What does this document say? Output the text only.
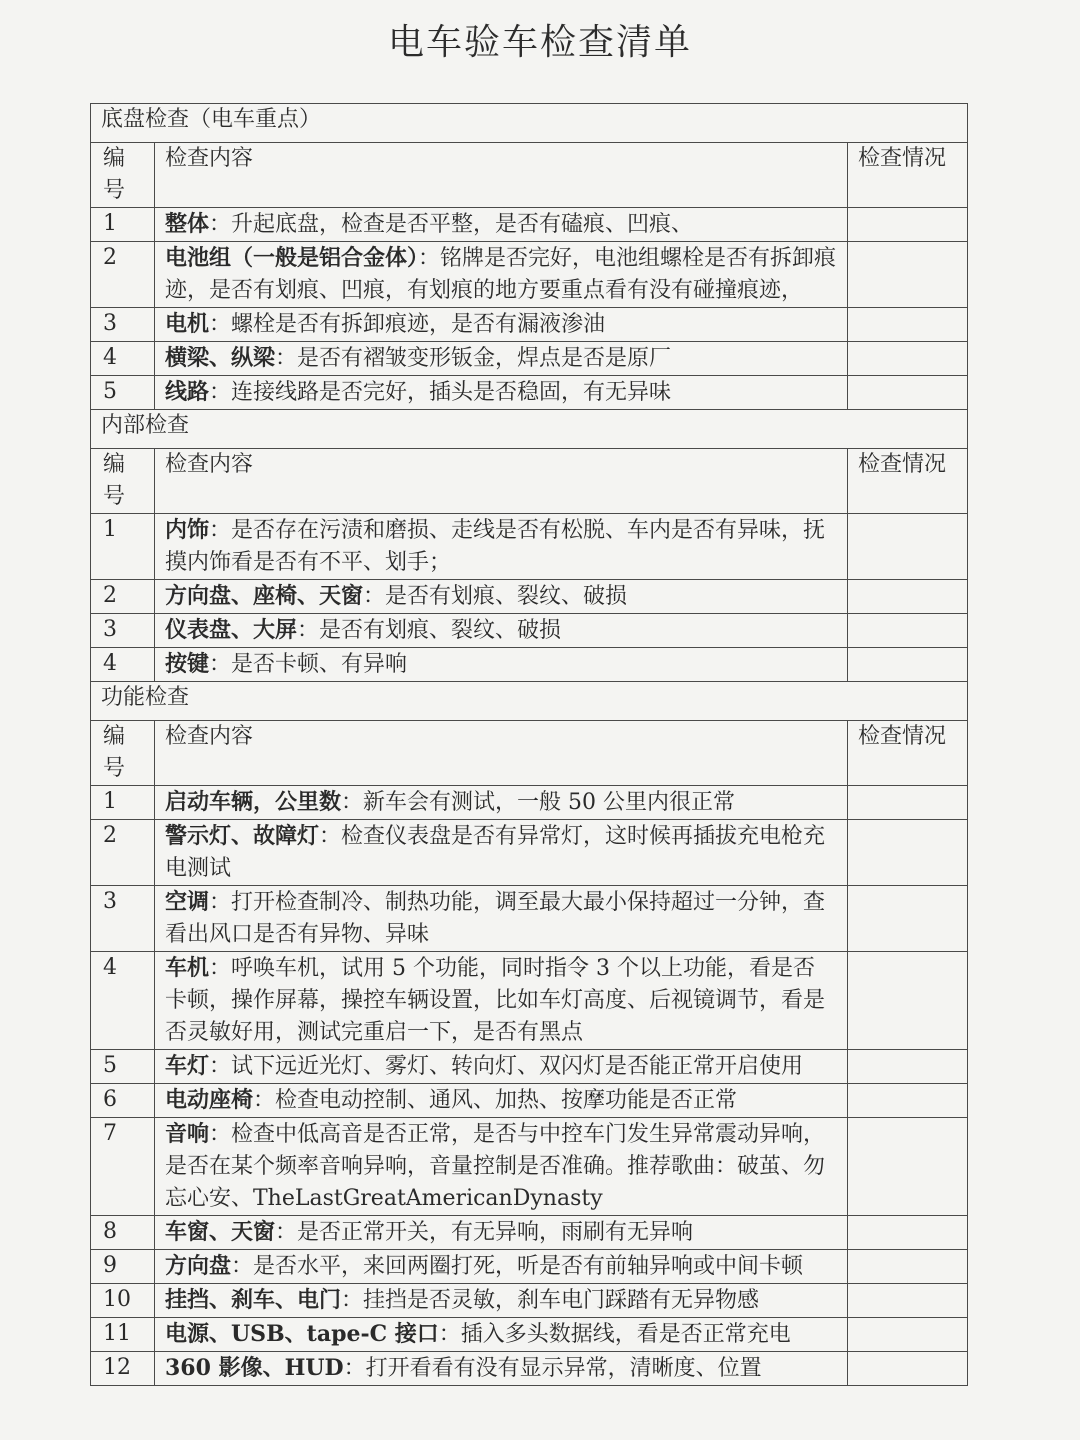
电车验车检查清单
底盘检查（电车重点）		
编号	检查内容	检查情况
1	整体：升起底盘，检查是否平整，是否有磕痕、凹痕、	
2	电池组（一般是铝合金体）：铭牌是否完好，电池组螺栓是否有拆卸痕迹，是否有划痕、凹痕，有划痕的地方要重点看有没有碰撞痕迹，	
3	电机：螺栓是否有拆卸痕迹，是否有漏液渗油	
4	横梁、纵梁：是否有褶皱变形钣金，焊点是否是原厂	
5	线路：连接线路是否完好，插头是否稳固，有无异味	
内部检查		
编号	检查内容	检查情况
1	内饰：是否存在污渍和磨损、走线是否有松脱、车内是否有异味，抚摸内饰看是否有不平、划手；	
2	方向盘、座椅、天窗：是否有划痕、裂纹、破损	
3	仪表盘、大屏：是否有划痕、裂纹、破损	
4	按键：是否卡顿、有异响	
功能检查		
编号	检查内容	检查情况
1	启动车辆，公里数：新车会有测试，一般 50 公里内很正常	
2	警示灯、故障灯：检查仪表盘是否有异常灯，这时候再插拔充电枪充电测试	
3	空调：打开检查制冷、制热功能，调至最大最小保持超过一分钟，查看出风口是否有异物、异味	
4	车机：呼唤车机，试用 5 个功能，同时指令 3 个以上功能，看是否卡顿，操作屏幕，操控车辆设置，比如车灯高度、后视镜调节，看是否灵敏好用，测试完重启一下，是否有黑点	
5	车灯：试下远近光灯、雾灯、转向灯、双闪灯是否能正常开启使用	
6	电动座椅：检查电动控制、通风、加热、按摩功能是否正常	
7	音响：检查中低高音是否正常，是否与中控车门发生异常震动异响，是否在某个频率音响异响，音量控制是否准确。推荐歌曲：破茧、勿忘心安、TheLastGreatAmericanDynasty	
8	车窗、天窗：是否正常开关，有无异响，雨刷有无异响	
9	方向盘：是否水平，来回两圈打死，听是否有前轴异响或中间卡顿	
10	挂挡、刹车、电门：挂挡是否灵敏，刹车电门踩踏有无异物感	
11	电源、USB、tape-C 接口：插入多头数据线，看是否正常充电	
12	360 影像、HUD：打开看看有没有显示异常，清晰度、位置	
